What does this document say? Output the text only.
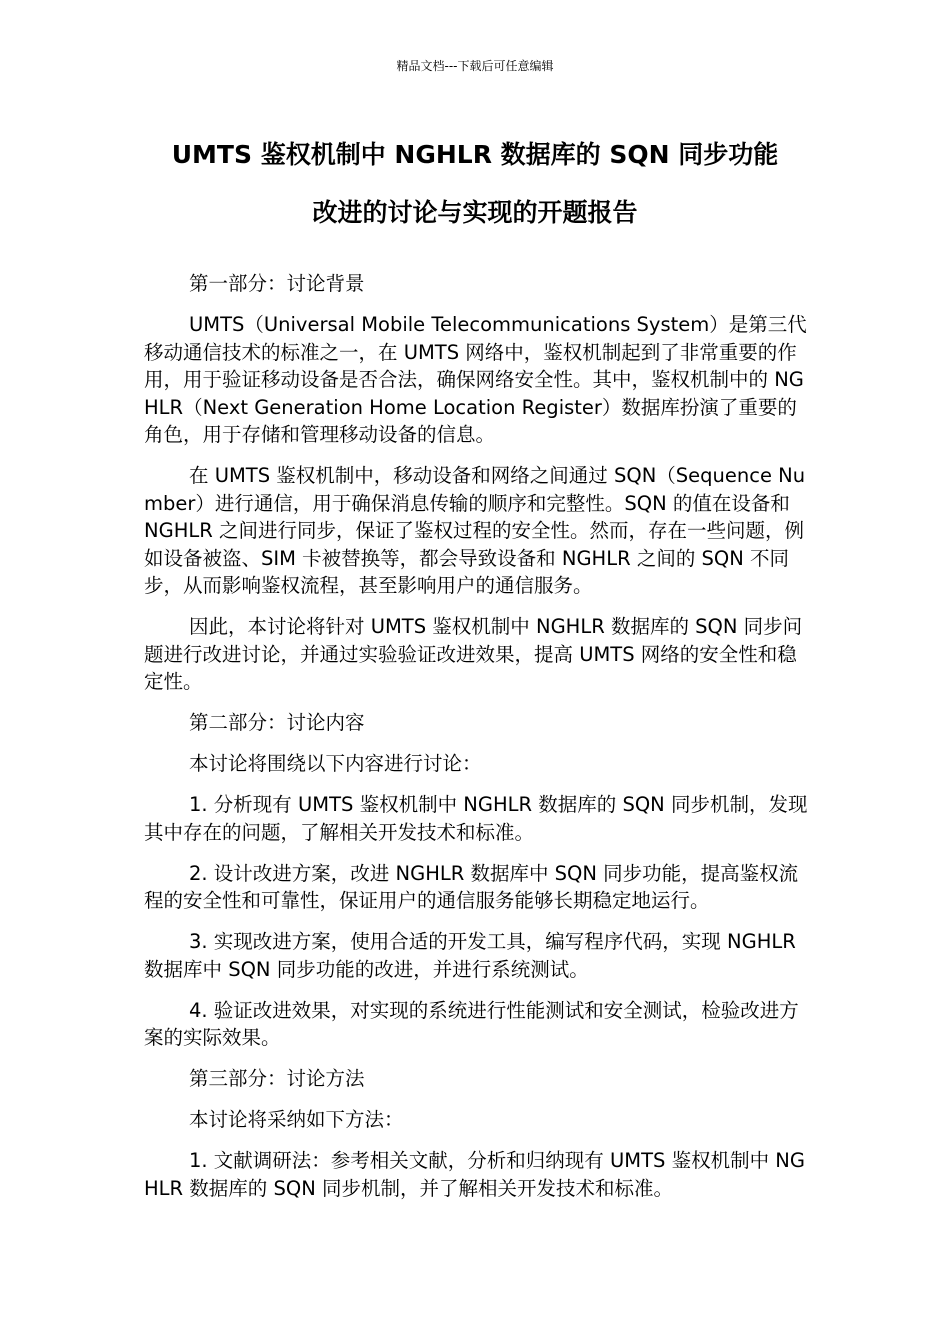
精品文档---下载后可任意编辑
UMTS 鉴权机制中 NGHLR 数据库的 SQN 同步功能
改进的讨论与实现的开题报告

第一部分：讨论背景

UMTS（Universal Mobile Telecommunications System）是第三代移动通信技术的标准之一，在 UMTS 网络中，鉴权机制起到了非常重要的作用，用于验证移动设备是否合法，确保网络安全性。其中，鉴权机制中的 NGHLR（Next Generation Home Location Register）数据库扮演了重要的角色，用于存储和管理移动设备的信息。

在 UMTS 鉴权机制中，移动设备和网络之间通过 SQN（Sequence Number）进行通信，用于确保消息传输的顺序和完整性。SQN 的值在设备和 NGHLR 之间进行同步，保证了鉴权过程的安全性。然而，存在一些问题，例如设备被盗、SIM 卡被替换等，都会导致设备和 NGHLR 之间的 SQN 不同步，从而影响鉴权流程，甚至影响用户的通信服务。

因此，本讨论将针对 UMTS 鉴权机制中 NGHLR 数据库的 SQN 同步问题进行改进讨论，并通过实验验证改进效果，提高 UMTS 网络的安全性和稳定性。

第二部分：讨论内容

本讨论将围绕以下内容进行讨论：

1. 分析现有 UMTS 鉴权机制中 NGHLR 数据库的 SQN 同步机制，发现其中存在的问题，了解相关开发技术和标准。

2. 设计改进方案，改进 NGHLR 数据库中 SQN 同步功能，提高鉴权流程的安全性和可靠性，保证用户的通信服务能够长期稳定地运行。

3. 实现改进方案，使用合适的开发工具，编写程序代码，实现 NGHLR 数据库中 SQN 同步功能的改进，并进行系统测试。

4. 验证改进效果，对实现的系统进行性能测试和安全测试，检验改进方案的实际效果。

第三部分：讨论方法

本讨论将采纳如下方法：

1. 文献调研法：参考相关文献，分析和归纳现有 UMTS 鉴权机制中 NGHLR 数据库的 SQN 同步机制，并了解相关开发技术和标准。
